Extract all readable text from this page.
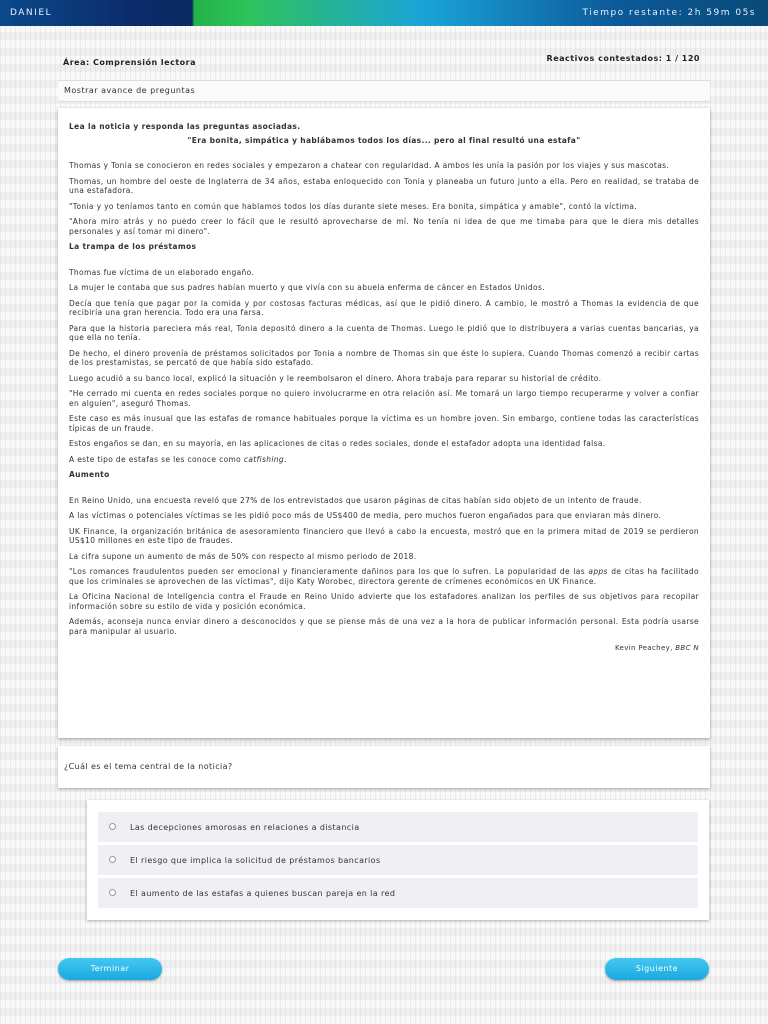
DANIEL	Tiempo restante: 2h 59m 05s
Área: Comprensión lectora	Reactivos contestados: 1 / 120
Mostrar avance de preguntas
Lea la noticia y responda las preguntas asociadas.
"Era bonita, simpática y hablábamos todos los días... pero al final resultó una estafa"

Thomas y Tonia se conocieron en redes sociales y empezaron a chatear con regularidad. A ambos les unía la pasión por los viajes y sus mascotas.

Thomas, un hombre del oeste de Inglaterra de 34 años, estaba enloquecido con Tonia y planeaba un futuro junto a ella. Pero en realidad, se trataba de una estafadora.

"Tonia y yo teníamos tanto en común que hablamos todos los días durante siete meses. Era bonita, simpática y amable", contó la víctima.

"Ahora miro atrás y no puedo creer lo fácil que le resultó aprovecharse de mí. No tenía ni idea de que me timaba para que le diera mis detalles personales y así tomar mi dinero".

La trampa de los préstamos

Thomas fue víctima de un elaborado engaño.

La mujer le contaba que sus padres habían muerto y que vivía con su abuela enferma de cáncer en Estados Unidos.

Decía que tenía que pagar por la comida y por costosas facturas médicas, así que le pidió dinero. A cambio, le mostró a Thomas la evidencia de que recibiría una gran herencia. Todo era una farsa.

Para que la historia pareciera más real, Tonia depositó dinero a la cuenta de Thomas. Luego le pidió que lo distribuyera a varias cuentas bancarias, ya que ella no tenía.

De hecho, el dinero provenía de préstamos solicitados por Tonia a nombre de Thomas sin que éste lo supiera. Cuando Thomas comenzó a recibir cartas de los prestamistas, se percató de que había sido estafado.

Luego acudió a su banco local, explicó la situación y le reembolsaron el dinero. Ahora trabaja para reparar su historial de crédito.

"He cerrado mi cuenta en redes sociales porque no quiero involucrarme en otra relación así. Me tomará un largo tiempo recuperarme y volver a confiar en alguien", aseguró Thomas.

Este caso es más inusual que las estafas de romance habituales porque la víctima es un hombre joven. Sin embargo, contiene todas las características típicas de un fraude.

Estos engaños se dan, en su mayoría, en las aplicaciones de citas o redes sociales, donde el estafador adopta una identidad falsa.

A este tipo de estafas se les conoce como catfishing.

Aumento

En Reino Unido, una encuesta reveló que 27% de los entrevistados que usaron páginas de citas habían sido objeto de un intento de fraude.

A las víctimas o potenciales víctimas se les pidió poco más de US$400 de media, pero muchos fueron engañados para que enviaran más dinero.

UK Finance, la organización británica de asesoramiento financiero que llevó a cabo la encuesta, mostró que en la primera mitad de 2019 se perdieron US$10 millones en este tipo de fraudes.

La cifra supone un aumento de más de 50% con respecto al mismo periodo de 2018.

"Los romances fraudulentos pueden ser emocional y financieramente dañinos para los que lo sufren. La popularidad de las apps de citas ha facilitado que los criminales se aprovechen de las víctimas", dijo Katy Worobec, directora gerente de crímenes económicos en UK Finance.

La Oficina Nacional de Inteligencia contra el Fraude en Reino Unido advierte que los estafadores analizan los perfiles de sus objetivos para recopilar información sobre su estilo de vida y posición económica.

Además, aconseja nunca enviar dinero a desconocidos y que se piense más de una vez a la hora de publicar información personal. Esta podría usarse para manipular al usuario.

Kevin Peachey, BBC N
¿Cuál es el tema central de la noticia?
Las decepciones amorosas en relaciones a distancia
El riesgo que implica la solicitud de préstamos bancarios
El aumento de las estafas a quienes buscan pareja en la red
Terminar	Siguiente
